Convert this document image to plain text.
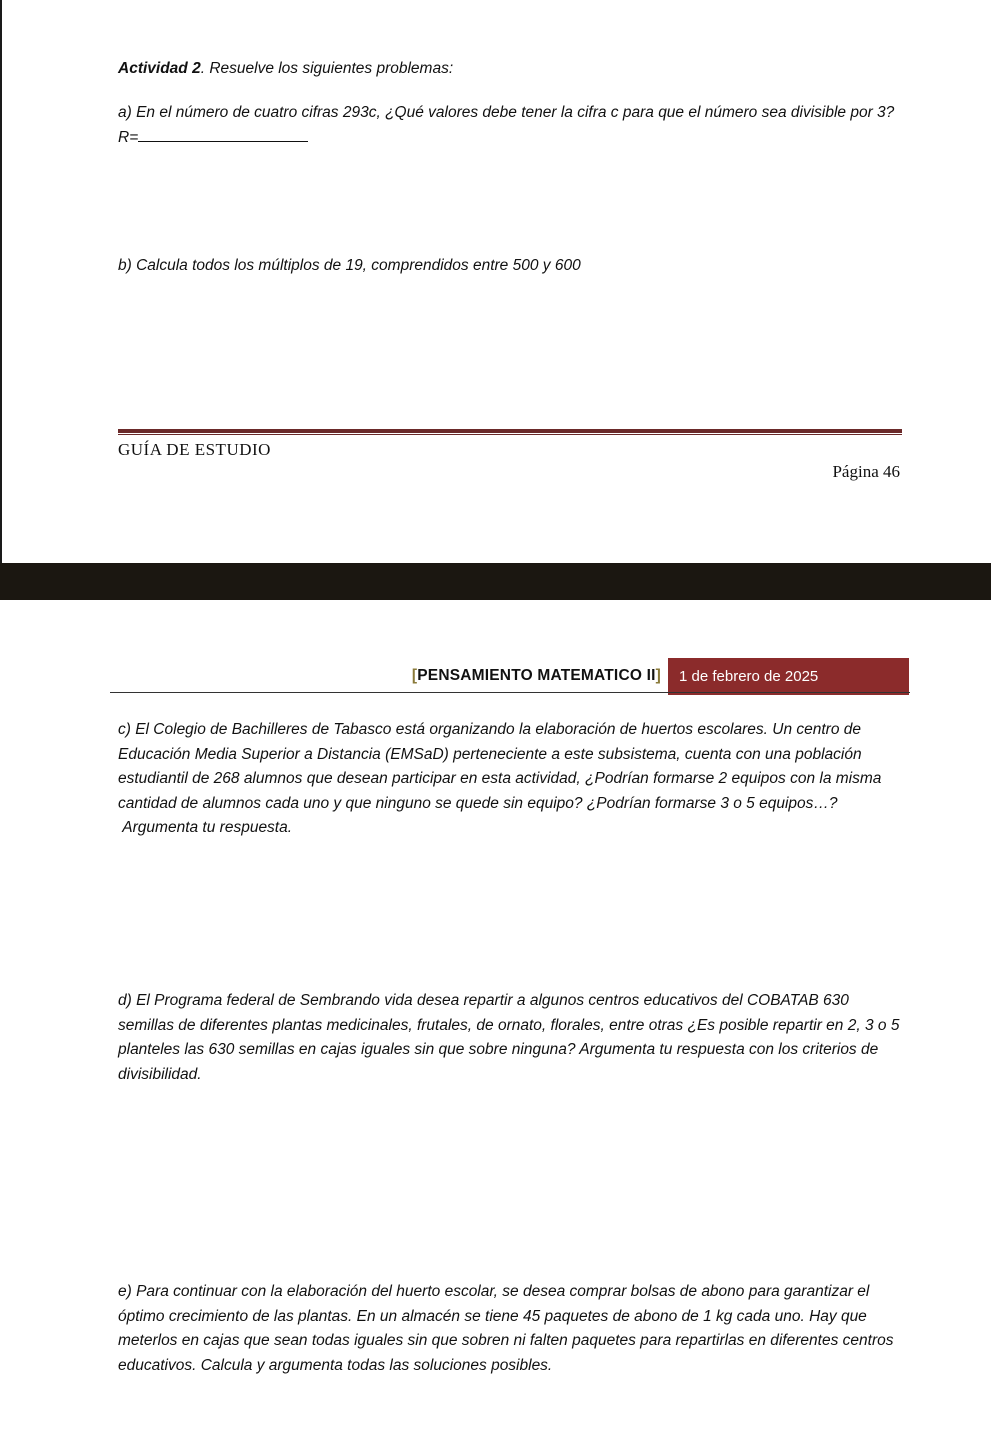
Actividad 2. Resuelve los siguientes problemas:

a) En el número de cuatro cifras 293c, ¿Qué valores debe tener la cifra c para que el número sea divisible por 3? R=

b) Calcula todos los múltiplos de 19, comprendidos entre 500 y 600

GUÍA DE ESTUDIO
Página 46
[PENSAMIENTO MATEMATICO II]	1 de febrero de 2025

c) El Colegio de Bachilleres de Tabasco está organizando la elaboración de huertos escolares. Un centro de Educación Media Superior a Distancia (EMSaD) perteneciente a este subsistema, cuenta con una población estudiantil de 268 alumnos que desean participar en esta actividad, ¿Podrían formarse 2 equipos con la misma cantidad de alumnos cada uno y que ninguno se quede sin equipo? ¿Podrían formarse 3 o 5 equipos…?  Argumenta tu respuesta.

d) El Programa federal de Sembrando vida desea repartir a algunos centros educativos del COBATAB 630 semillas de diferentes plantas medicinales, frutales, de ornato, florales, entre otras ¿Es posible repartir en 2, 3 o 5 planteles las 630 semillas en cajas iguales sin que sobre ninguna? Argumenta tu respuesta con los criterios de divisibilidad.

e) Para continuar con la elaboración del huerto escolar, se desea comprar bolsas de abono para garantizar el óptimo crecimiento de las plantas. En un almacén se tiene 45 paquetes de abono de 1 kg cada uno. Hay que meterlos en cajas que sean todas iguales sin que sobren ni falten paquetes para repartirlas en diferentes centros educativos. Calcula y argumenta todas las soluciones posibles.
